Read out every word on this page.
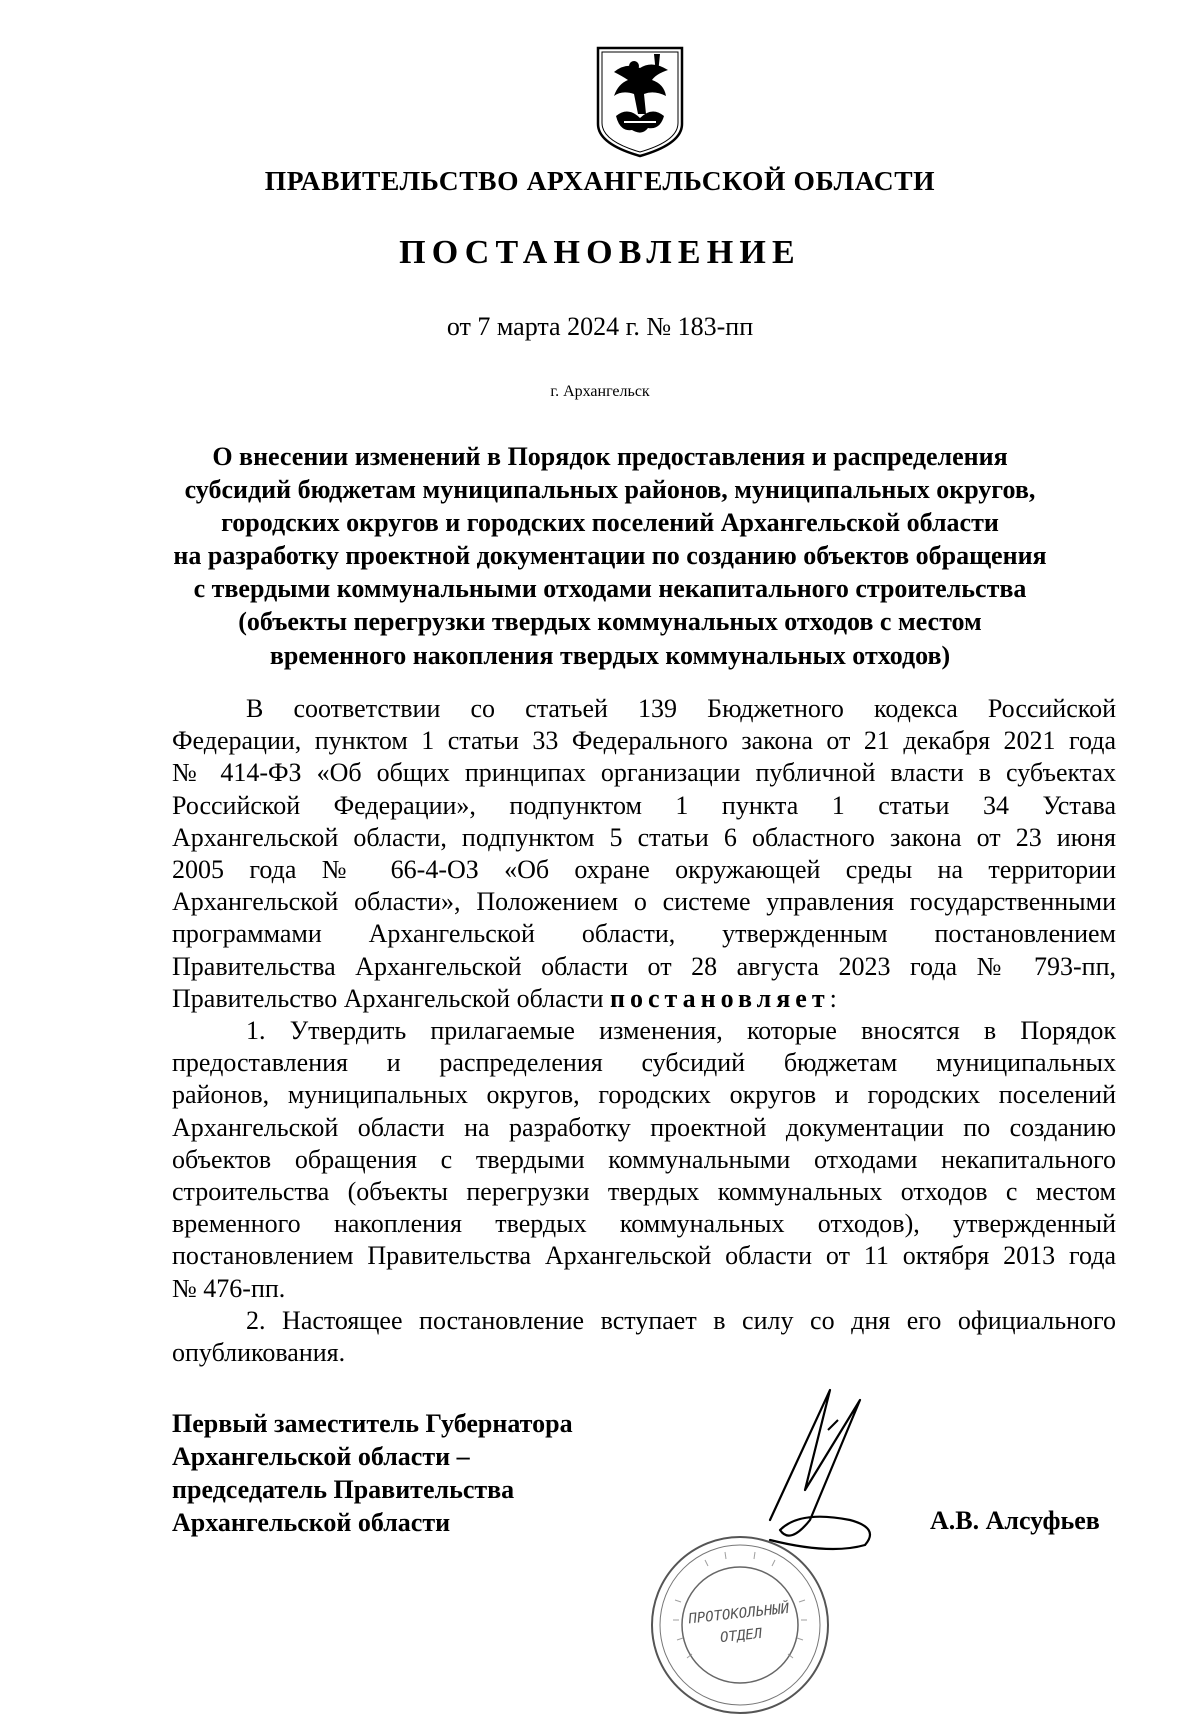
ПРАВИТЕЛЬСТВО АРХАНГЕЛЬСКОЙ ОБЛАСТИ
ПОСТАНОВЛЕНИЕ
от 7 марта 2024 г. № 183-пп
г. Архангельск
О внесении изменений в Порядок предоставления и распределения
субсидий бюджетам муниципальных районов, муниципальных округов,
городских округов и городских поселений Архангельской области
на разработку проектной документации по созданию объектов обращения
с твердыми коммунальными отходами некапитального строительства
(объекты перегрузки твердых коммунальных отходов с местом
временного накопления твердых коммунальных отходов)
В соответствии со статьей 139 Бюджетного кодекса Российской
Федерации, пунктом 1 статьи 33 Федерального закона от 21 декабря 2021 года
№ 414-ФЗ «Об общих принципах организации публичной власти в субъектах
Российской Федерации», подпунктом 1 пункта 1 статьи 34 Устава
Архангельской области, подпунктом 5 статьи 6 областного закона от 23 июня
2005 года № 66-4-ОЗ «Об охране окружающей среды на территории
Архангельской области», Положением о системе управления государственными
программами Архангельской области, утвержденным постановлением
Правительства Архангельской области от 28 августа 2023 года № 793-пп,
Правительство Архангельской области постановляет:
1. Утвердить прилагаемые изменения, которые вносятся в Порядок
предоставления и распределения субсидий бюджетам муниципальных
районов, муниципальных округов, городских округов и городских поселений
Архангельской области на разработку проектной документации по созданию
объектов обращения с твердыми коммунальными отходами некапитального
строительства (объекты перегрузки твердых коммунальных отходов с местом
временного накопления твердых коммунальных отходов), утвержденный
постановлением Правительства Архангельской области от 11 октября 2013 года
№ 476-пп.
2. Настоящее постановление вступает в силу со дня его официального
опубликования.
Первый заместитель Губернатора
Архангельской области –
председатель Правительства
Архангельской области	А.В. Алсуфьев
ПРОТОКОЛЬНЫЙ
ОТДЕЛ
